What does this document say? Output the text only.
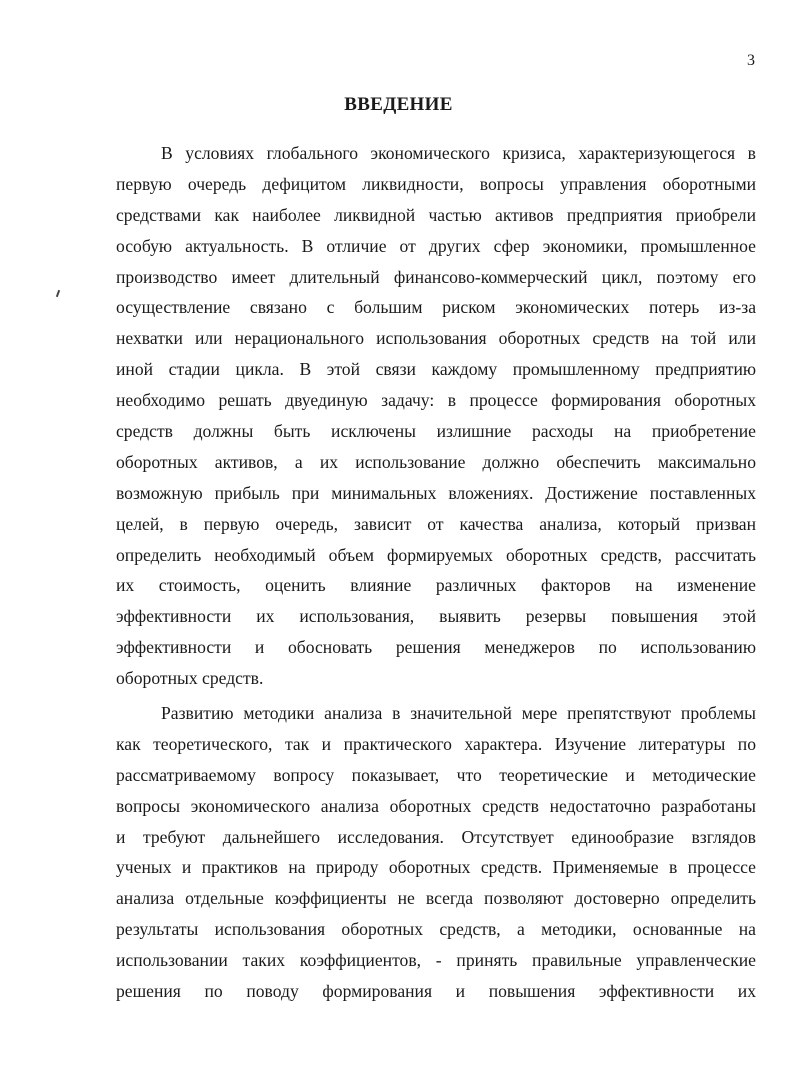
3
ВВЕДЕНИЕ
В условиях глобального экономического кризиса, характеризующегося в
первую очередь дефицитом ликвидности, вопросы управления оборотными
средствами как наиболее ликвидной частью активов предприятия приобрели
особую актуальность. В отличие от других сфер экономики, промышленное
производство имеет длительный финансово-коммерческий цикл, поэтому его
осуществление связано с большим риском экономических потерь из-за
нехватки или нерационального использования оборотных средств на той или
иной стадии цикла. В этой связи каждому промышленному предприятию
необходимо решать двуединую задачу: в процессе формирования оборотных
средств должны быть исключены излишние расходы на приобретение
оборотных активов, а их использование должно обеспечить максимально
возможную прибыль при минимальных вложениях. Достижение поставленных
целей, в первую очередь, зависит от качества анализа, который призван
определить необходимый объем формируемых оборотных средств, рассчитать
их стоимость, оценить влияние различных факторов на изменение
эффективности их использования, выявить резервы повышения этой
эффективности и обосновать решения менеджеров по использованию
оборотных средств.
Развитию методики анализа в значительной мере препятствуют проблемы
как теоретического, так и практического характера. Изучение литературы по
рассматриваемому вопросу показывает, что теоретические и методические
вопросы экономического анализа оборотных средств недостаточно разработаны
и требуют дальнейшего исследования. Отсутствует единообразие взглядов
ученых и практиков на природу оборотных средств. Применяемые в процессе
анализа отдельные коэффициенты не всегда позволяют достоверно определить
результаты использования оборотных средств, а методики, основанные на
использовании таких коэффициентов, - принять правильные управленческие
решения по поводу формирования и повышения эффективности их
